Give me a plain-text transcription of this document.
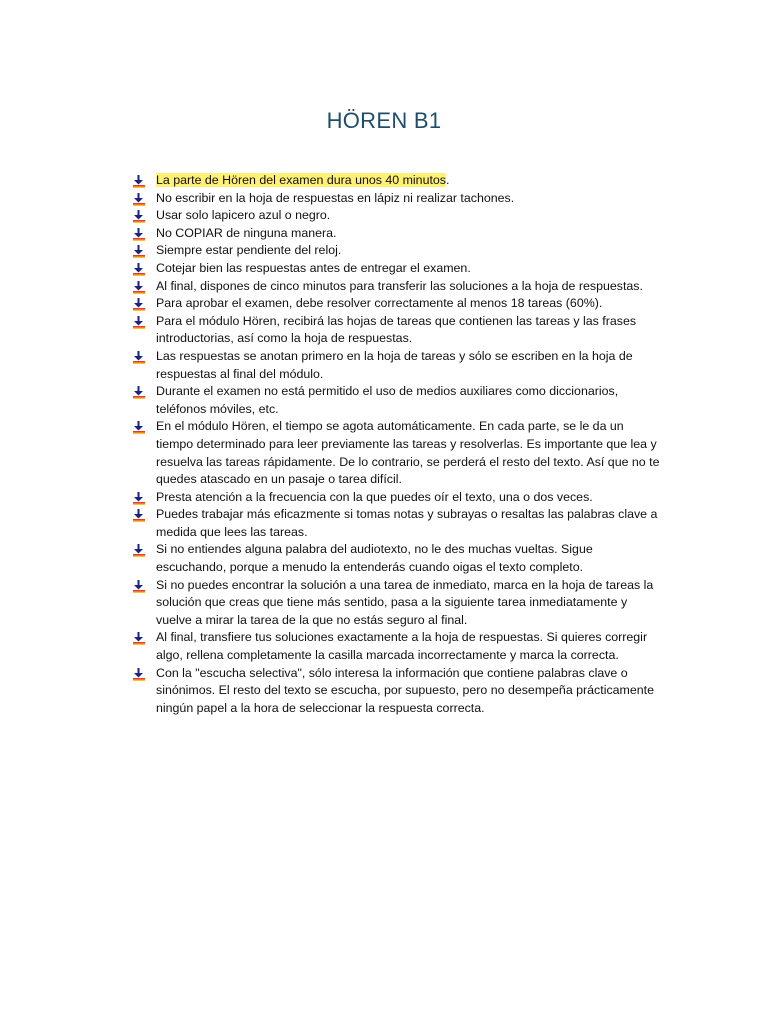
HÖREN B1
La parte de Hören del examen dura unos 40 minutos.
No escribir en la hoja de respuestas en lápiz ni realizar tachones.
Usar solo lapicero azul o negro.
No COPIAR de ninguna manera.
Siempre estar pendiente del reloj.
Cotejar bien las respuestas antes de entregar el examen.
Al final, dispones de cinco minutos para transferir las soluciones a la hoja de respuestas.
Para aprobar el examen, debe resolver correctamente al menos 18 tareas (60%).
Para el módulo Hören, recibirá las hojas de tareas que contienen las tareas y las frases introductorias, así como la hoja de respuestas.
Las respuestas se anotan primero en la hoja de tareas y sólo se escriben en la hoja de respuestas al final del módulo.
Durante el examen no está permitido el uso de medios auxiliares como diccionarios, teléfonos móviles, etc.
En el módulo Hören, el tiempo se agota automáticamente. En cada parte, se le da un tiempo determinado para leer previamente las tareas y resolverlas. Es importante que lea y resuelva las tareas rápidamente. De lo contrario, se perderá el resto del texto. Así que no te quedes atascado en un pasaje o tarea difícil.
Presta atención a la frecuencia con la que puedes oír el texto, una o dos veces.
Puedes trabajar más eficazmente si tomas notas y subrayas o resaltas las palabras clave a medida que lees las tareas.
Si no entiendes alguna palabra del audiotexto, no le des muchas vueltas. Sigue escuchando, porque a menudo la entenderás cuando oigas el texto completo.
Si no puedes encontrar la solución a una tarea de inmediato, marca en la hoja de tareas la solución que creas que tiene más sentido, pasa a la siguiente tarea inmediatamente y vuelve a mirar la tarea de la que no estás seguro al final.
Al final, transfiere tus soluciones exactamente a la hoja de respuestas. Si quieres corregir algo, rellena completamente la casilla marcada incorrectamente y marca la correcta.
Con la "escucha selectiva", sólo interesa la información que contiene palabras clave o sinónimos. El resto del texto se escucha, por supuesto, pero no desempeña prácticamente ningún papel a la hora de seleccionar la respuesta correcta.
